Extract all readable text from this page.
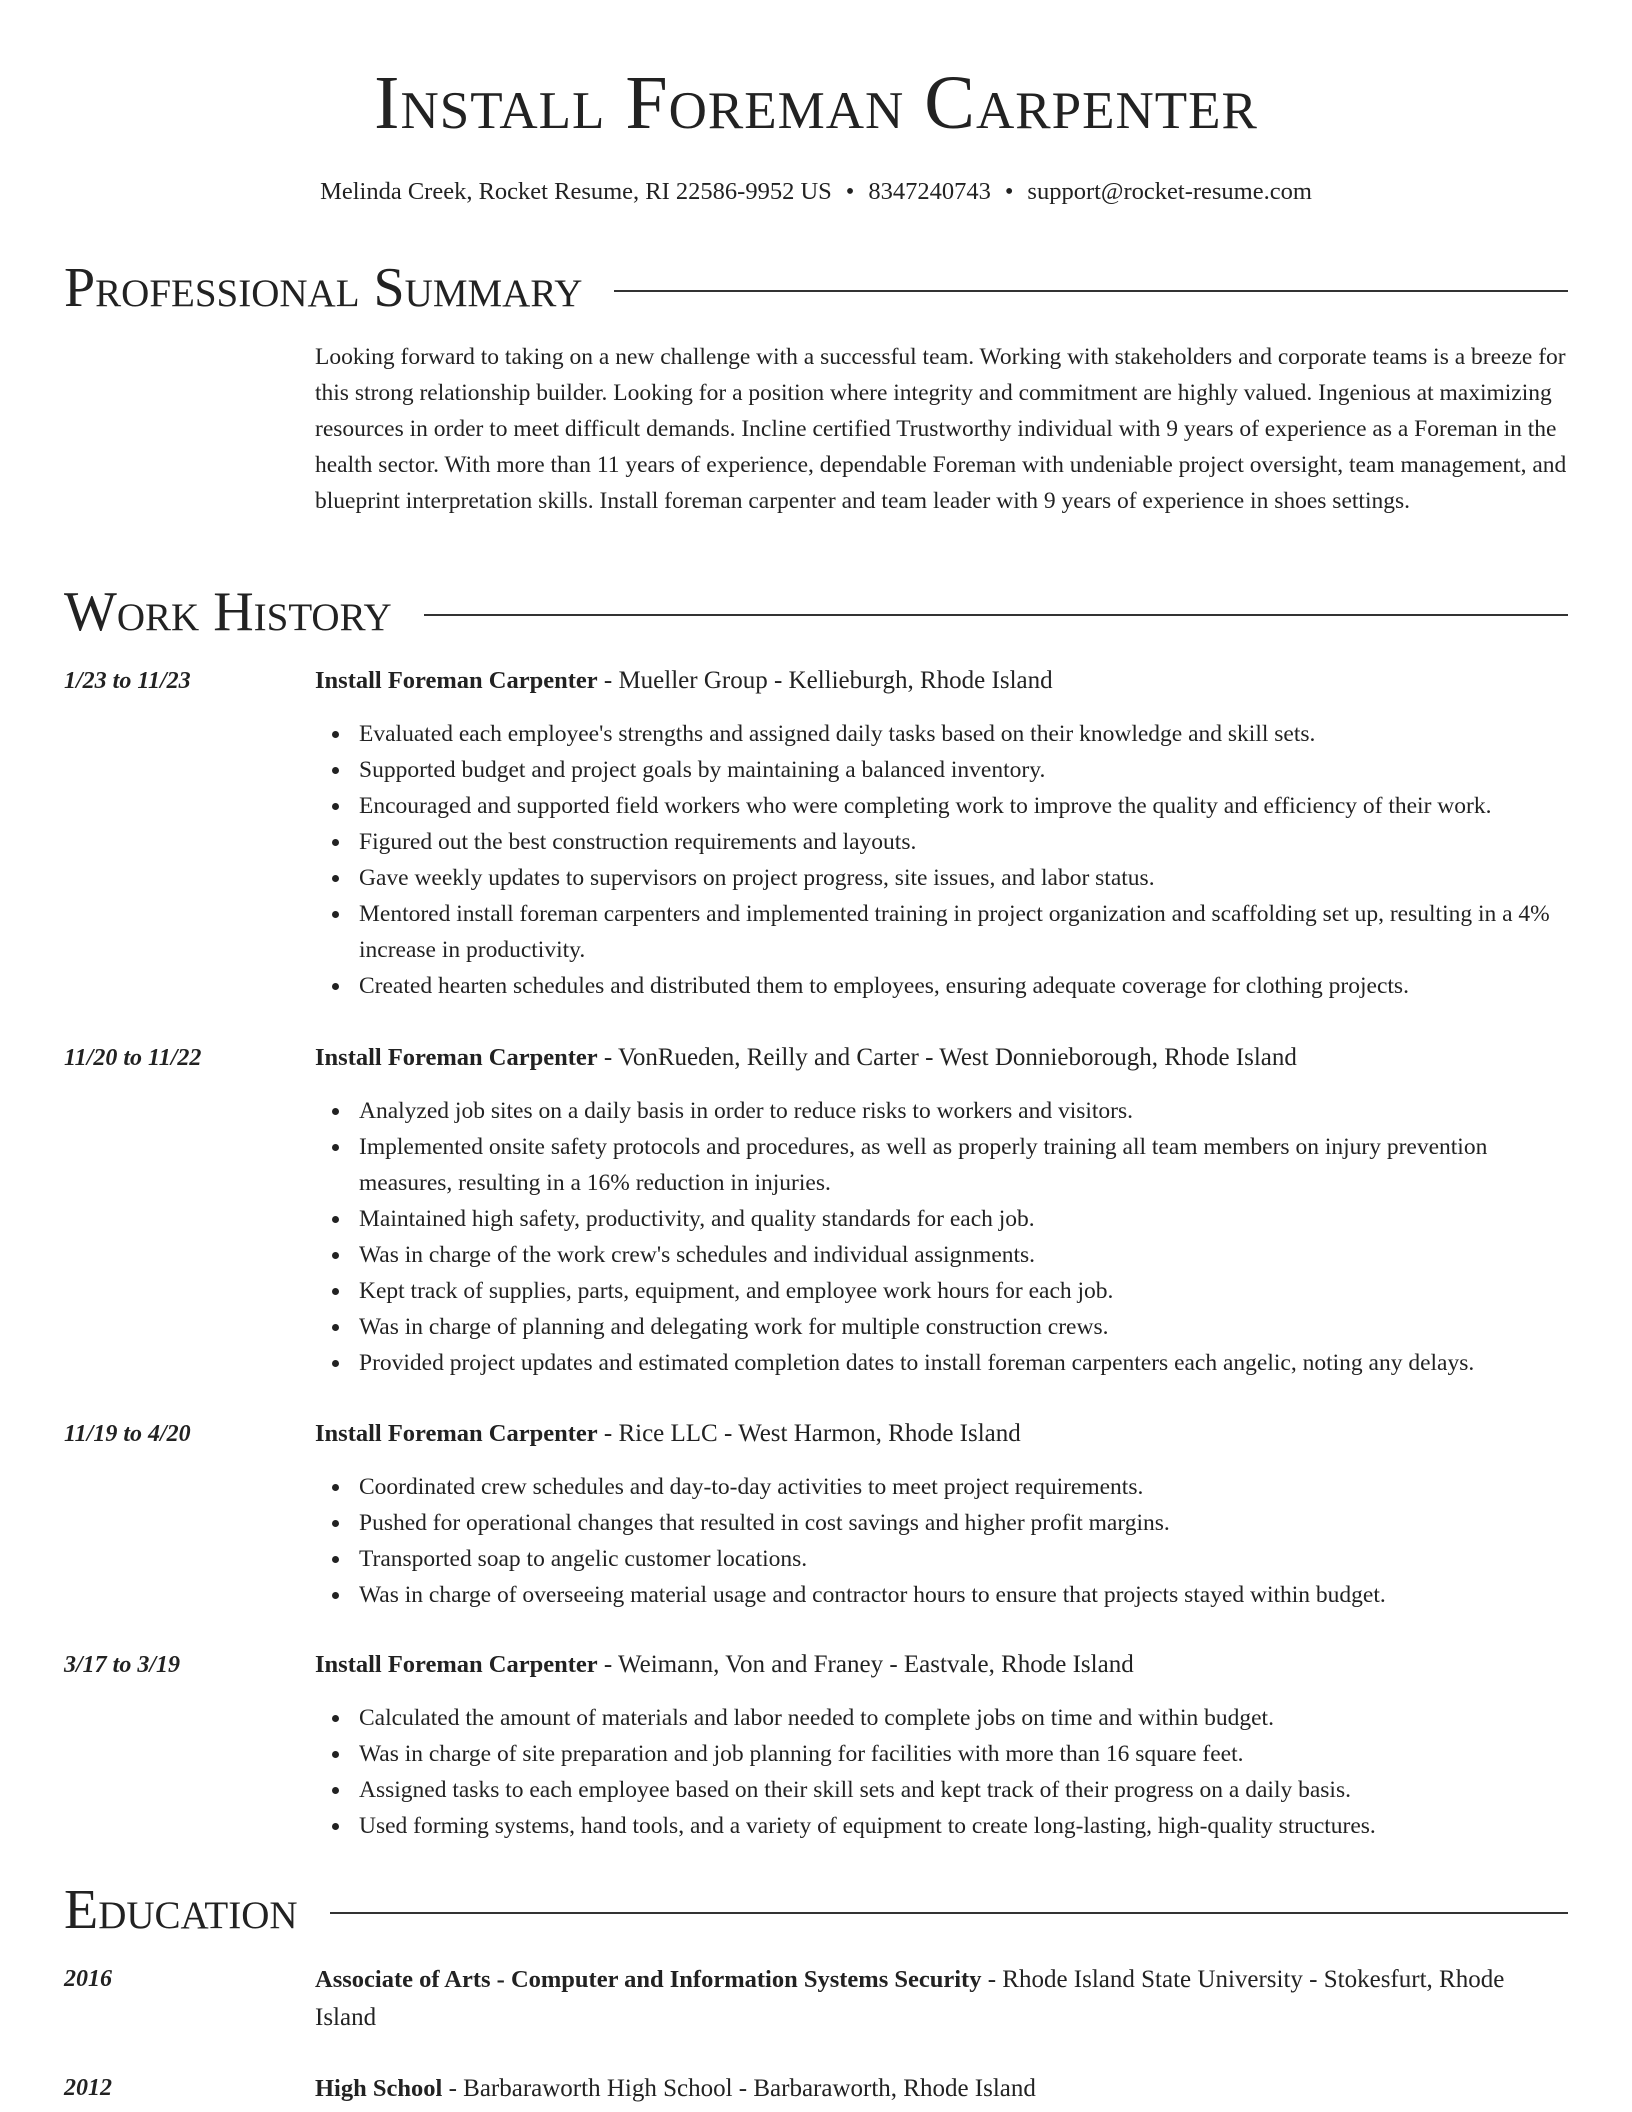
Install Foreman Carpenter
Melinda Creek, Rocket Resume, RI 22586-9952 US • 8347240743 • support@rocket-resume.com
Professional Summary

Looking forward to taking on a new challenge with a successful team. Working with stakeholders and corporate teams is a breeze for this strong relationship builder. Looking for a position where integrity and commitment are highly valued. Ingenious at maximizing resources in order to meet difficult demands. Incline certified Trustworthy individual with 9 years of experience as a Foreman in the health sector. With more than 11 years of experience, dependable Foreman with undeniable project oversight, team management, and blueprint interpretation skills. Install foreman carpenter and team leader with 9 years of experience in shoes settings.

Work History
1/23 to 11/23	Install Foreman Carpenter - Mueller Group - Kellieburgh, Rhode Island
Evaluated each employee's strengths and assigned daily tasks based on their knowledge and skill sets.
Supported budget and project goals by maintaining a balanced inventory.
Encouraged and supported field workers who were completing work to improve the quality and efficiency of their work.
Figured out the best construction requirements and layouts.
Gave weekly updates to supervisors on project progress, site issues, and labor status.
Mentored install foreman carpenters and implemented training in project organization and scaffolding set up, resulting in a 4% increase in productivity.
Created hearten schedules and distributed them to employees, ensuring adequate coverage for clothing projects.
11/20 to 11/22	Install Foreman Carpenter - VonRueden, Reilly and Carter - West Donnieborough, Rhode Island
Analyzed job sites on a daily basis in order to reduce risks to workers and visitors.
Implemented onsite safety protocols and procedures, as well as properly training all team members on injury prevention measures, resulting in a 16% reduction in injuries.
Maintained high safety, productivity, and quality standards for each job.
Was in charge of the work crew's schedules and individual assignments.
Kept track of supplies, parts, equipment, and employee work hours for each job.
Was in charge of planning and delegating work for multiple construction crews.
Provided project updates and estimated completion dates to install foreman carpenters each angelic, noting any delays.
11/19 to 4/20	Install Foreman Carpenter - Rice LLC - West Harmon, Rhode Island
Coordinated crew schedules and day-to-day activities to meet project requirements.
Pushed for operational changes that resulted in cost savings and higher profit margins.
Transported soap to angelic customer locations.
Was in charge of overseeing material usage and contractor hours to ensure that projects stayed within budget.
3/17 to 3/19	Install Foreman Carpenter - Weimann, Von and Franey - Eastvale, Rhode Island
Calculated the amount of materials and labor needed to complete jobs on time and within budget.
Was in charge of site preparation and job planning for facilities with more than 16 square feet.
Assigned tasks to each employee based on their skill sets and kept track of their progress on a daily basis.
Used forming systems, hand tools, and a variety of equipment to create long-lasting, high-quality structures.
Education
2016	Associate of Arts - Computer and Information Systems Security - Rhode Island State University - Stokesfurt, Rhode Island
2012	High School - Barbaraworth High School - Barbaraworth, Rhode Island
